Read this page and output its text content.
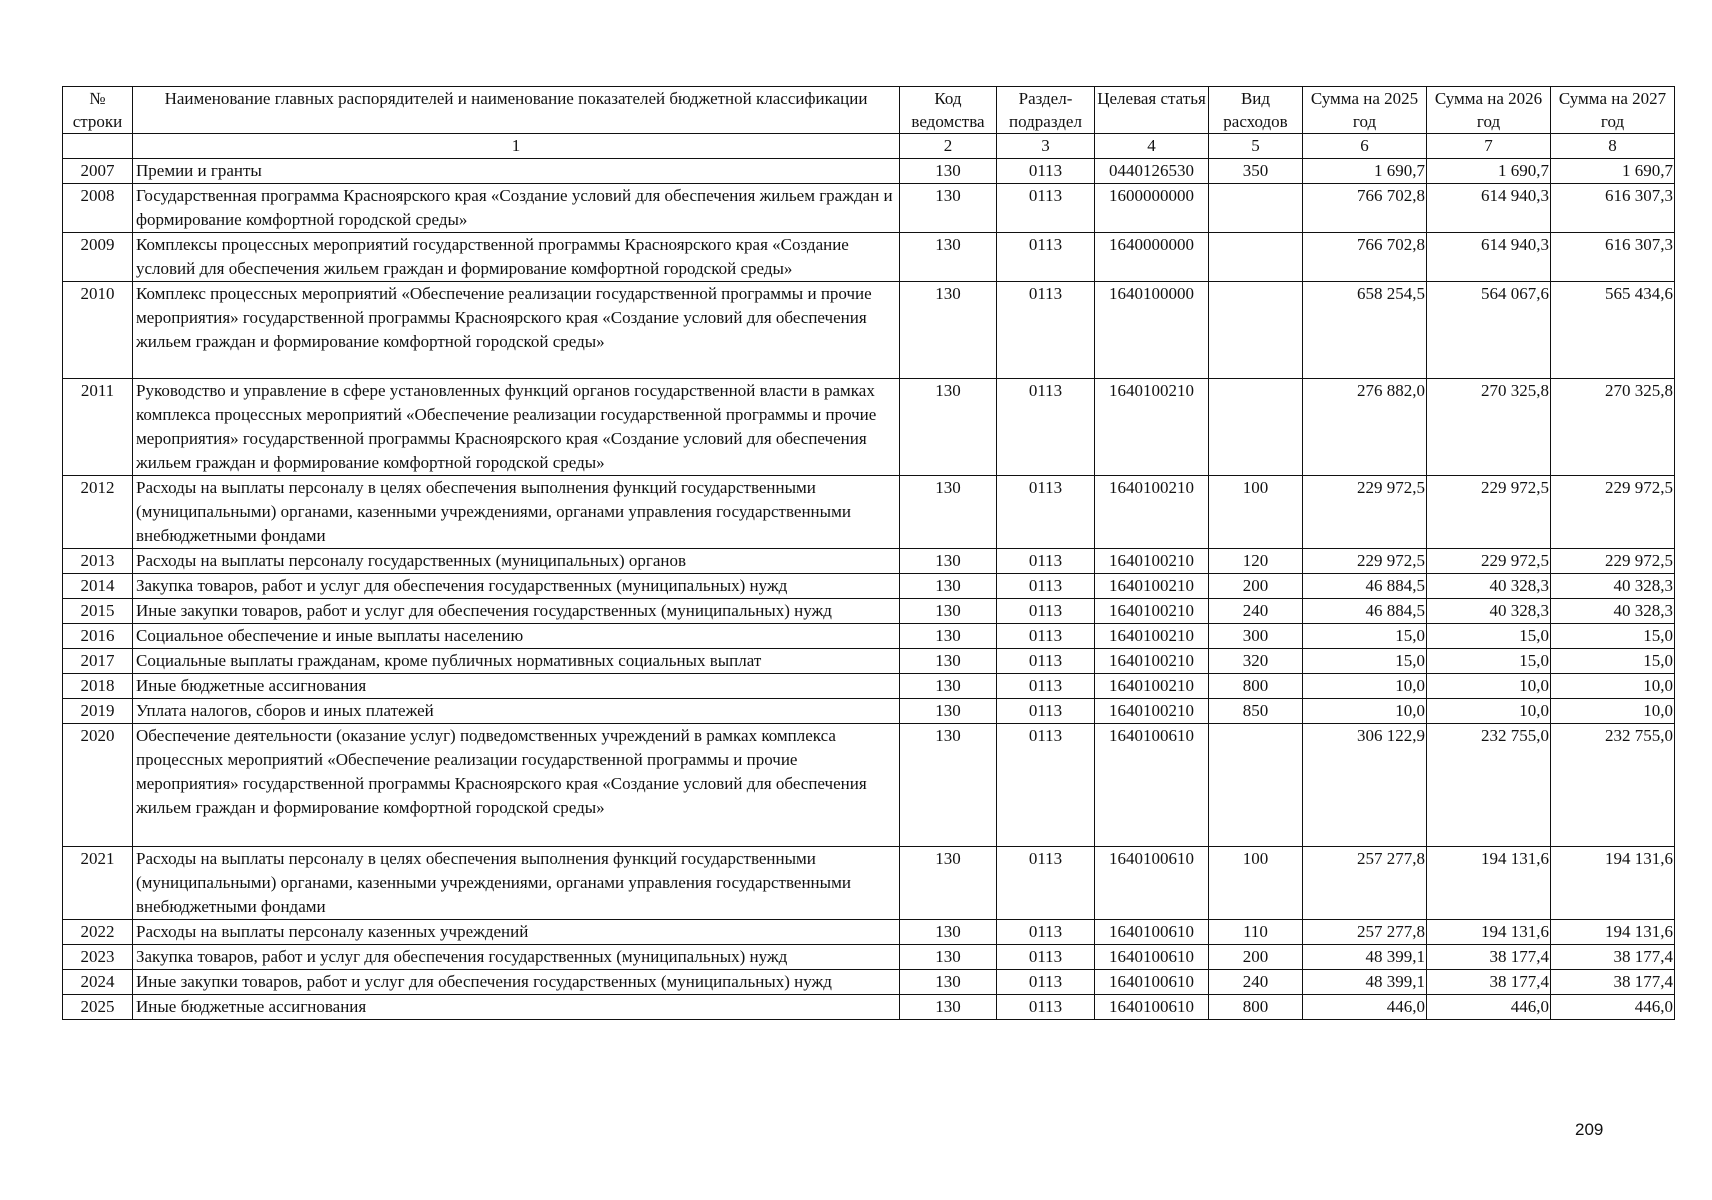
№ строки	Наименование главных распорядителей и наименование показателей бюджетной классификации	Код ведомства	Раздел-подраздел	Целевая статья	Вид расходов	Сумма на 2025 год	Сумма на 2026 год	Сумма на 2027 год
	1	2	3	4	5	6	7	8
2007	Премии и гранты	130	0113	0440126530	350	1 690,7	1 690,7	1 690,7
2008	Государственная программа Красноярского края «Создание условий для обеспечения жильем граждан и формирование комфортной городской среды»	130	0113	1600000000		766 702,8	614 940,3	616 307,3
2009	Комплексы процессных мероприятий государственной программы Красноярского края «Создание условий для обеспечения жильем граждан и формирование комфортной городской среды»	130	0113	1640000000		766 702,8	614 940,3	616 307,3
2010	Комплекс процессных мероприятий «Обеспечение реализации государственной программы и прочие мероприятия» государственной программы Красноярского края «Создание условий для обеспечения жильем граждан и формирование комфортной городской среды»	130	0113	1640100000		658 254,5	564 067,6	565 434,6
2011	Руководство и управление в сфере установленных функций органов государственной власти в рамках комплекса процессных мероприятий «Обеспечение реализации государственной программы и прочие мероприятия» государственной программы Красноярского края «Создание условий для обеспечения жильем граждан и формирование комфортной городской среды»	130	0113	1640100210		276 882,0	270 325,8	270 325,8
2012	Расходы на выплаты персоналу в целях обеспечения выполнения функций государственными (муниципальными) органами, казенными учреждениями, органами управления государственными внебюджетными фондами	130	0113	1640100210	100	229 972,5	229 972,5	229 972,5
2013	Расходы на выплаты персоналу государственных (муниципальных) органов	130	0113	1640100210	120	229 972,5	229 972,5	229 972,5
2014	Закупка товаров, работ и услуг для обеспечения государственных (муниципальных) нужд	130	0113	1640100210	200	46 884,5	40 328,3	40 328,3
2015	Иные закупки товаров, работ и услуг для обеспечения государственных (муниципальных) нужд	130	0113	1640100210	240	46 884,5	40 328,3	40 328,3
2016	Социальное обеспечение и иные выплаты населению	130	0113	1640100210	300	15,0	15,0	15,0
2017	Социальные выплаты гражданам, кроме публичных нормативных социальных выплат	130	0113	1640100210	320	15,0	15,0	15,0
2018	Иные бюджетные ассигнования	130	0113	1640100210	800	10,0	10,0	10,0
2019	Уплата налогов, сборов и иных платежей	130	0113	1640100210	850	10,0	10,0	10,0
2020	Обеспечение деятельности (оказание услуг) подведомственных учреждений в рамках комплекса процессных мероприятий «Обеспечение реализации государственной программы и прочие мероприятия» государственной программы Красноярского края «Создание условий для обеспечения жильем граждан и формирование комфортной городской среды»	130	0113	1640100610		306 122,9	232 755,0	232 755,0
2021	Расходы на выплаты персоналу в целях обеспечения выполнения функций государственными (муниципальными) органами, казенными учреждениями, органами управления государственными внебюджетными фондами	130	0113	1640100610	100	257 277,8	194 131,6	194 131,6
2022	Расходы на выплаты персоналу казенных учреждений	130	0113	1640100610	110	257 277,8	194 131,6	194 131,6
2023	Закупка товаров, работ и услуг для обеспечения государственных (муниципальных) нужд	130	0113	1640100610	200	48 399,1	38 177,4	38 177,4
2024	Иные закупки товаров, работ и услуг для обеспечения государственных (муниципальных) нужд	130	0113	1640100610	240	48 399,1	38 177,4	38 177,4
2025	Иные бюджетные ассигнования	130	0113	1640100610	800	446,0	446,0	446,0
209
